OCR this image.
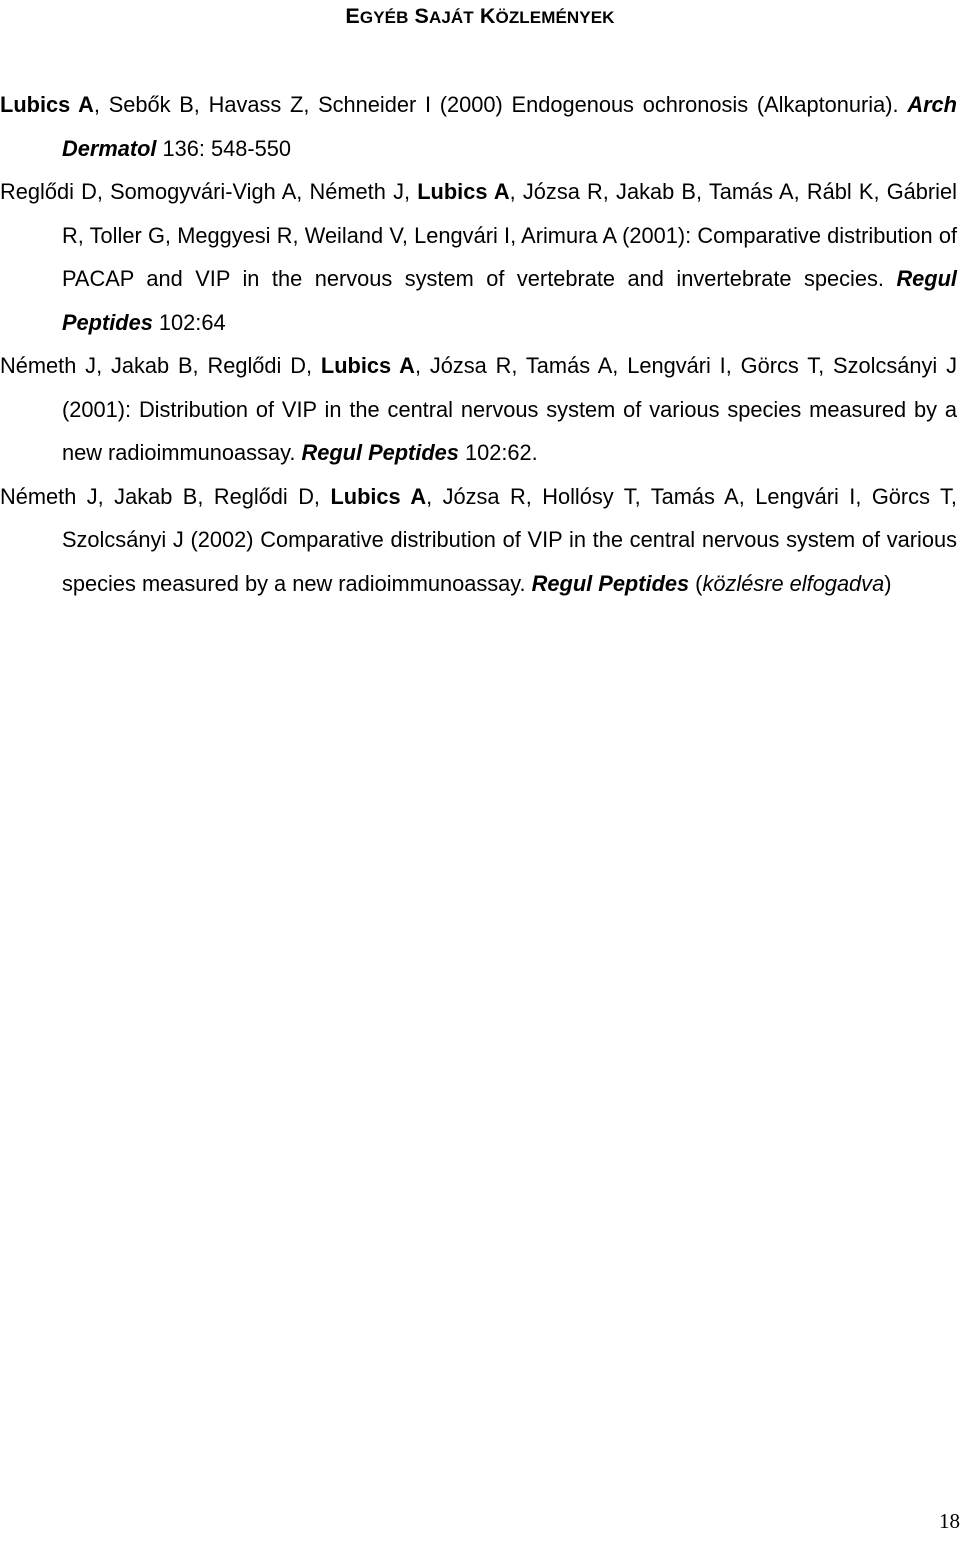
EGYÉB SAJÁT KÖZLEMÉNYEK

Lubics A, Sebők B, Havass Z, Schneider I (2000) Endogenous ochronosis (Alkaptonuria). Arch Dermatol 136: 548-550

Reglődi D, Somogyvári-Vigh A, Németh J, Lubics A, Józsa R, Jakab B, Tamás A, Rábl K, Gábriel R, Toller G, Meggyesi R, Weiland V, Lengvári I, Arimura A (2001): Comparative distribution of PACAP and VIP in the nervous system of vertebrate and invertebrate species. Regul Peptides 102:64

Németh J, Jakab B, Reglődi D, Lubics A, Józsa R, Tamás A, Lengvári I, Görcs T, Szolcsányi J (2001): Distribution of VIP in the central nervous system of various species measured by a new radioimmunoassay. Regul Peptides 102:62.

Németh J, Jakab B, Reglődi D, Lubics A, Józsa R, Hollósy T, Tamás A, Lengvári I, Görcs T, Szolcsányi J (2002) Comparative distribution of VIP in the central nervous system of various species measured by a new radioimmunoassay. Regul Peptides (közlésre elfogadva)

18
